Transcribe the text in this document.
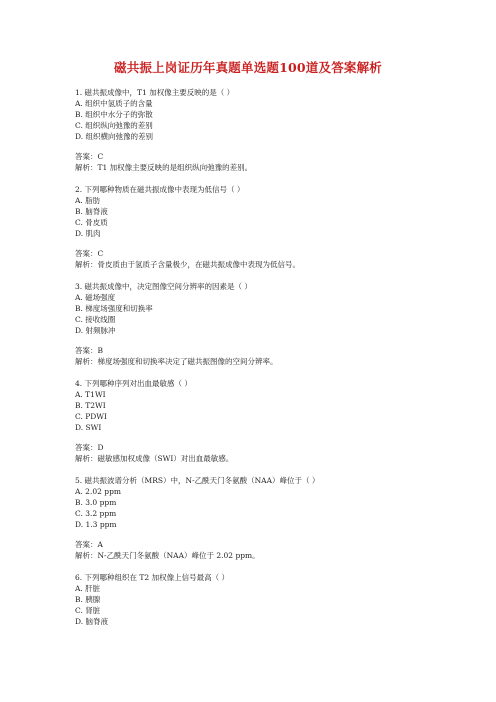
磁共振上岗证历年真题单选题100道及答案解析
1. 磁共振成像中，T1 加权像主要反映的是（ ）
A. 组织中氢质子的含量
B. 组织中水分子的弥散
C. 组织纵向弛豫的差别
D. 组织横向弛豫的差别
答案：C
解析：T1 加权像主要反映的是组织纵向弛豫的差别。
2. 下列哪种物质在磁共振成像中表现为低信号（ ）
A. 脂肪
B. 脑脊液
C. 骨皮质
D. 肌肉
答案：C
解析：骨皮质由于氢质子含量极少，在磁共振成像中表现为低信号。
3. 磁共振成像中，决定图像空间分辨率的因素是（ ）
A. 磁场强度
B. 梯度场强度和切换率
C. 接收线圈
D. 射频脉冲
答案：B
解析：梯度场强度和切换率决定了磁共振图像的空间分辨率。
4. 下列哪种序列对出血最敏感（ ）
A. T1WI
B. T2WI
C. PDWI
D. SWI
答案：D
解析：磁敏感加权成像（SWI）对出血最敏感。
5. 磁共振波谱分析（MRS）中，N-乙酰天门冬氨酸（NAA）峰位于（ ）
A. 2.02 ppm
B. 3.0 ppm
C. 3.2 ppm
D. 1.3 ppm
答案：A
解析：N-乙酰天门冬氨酸（NAA）峰位于 2.02 ppm。
6. 下列哪种组织在 T2 加权像上信号最高（ ）
A. 肝脏
B. 胰腺
C. 肾脏
D. 脑脊液
